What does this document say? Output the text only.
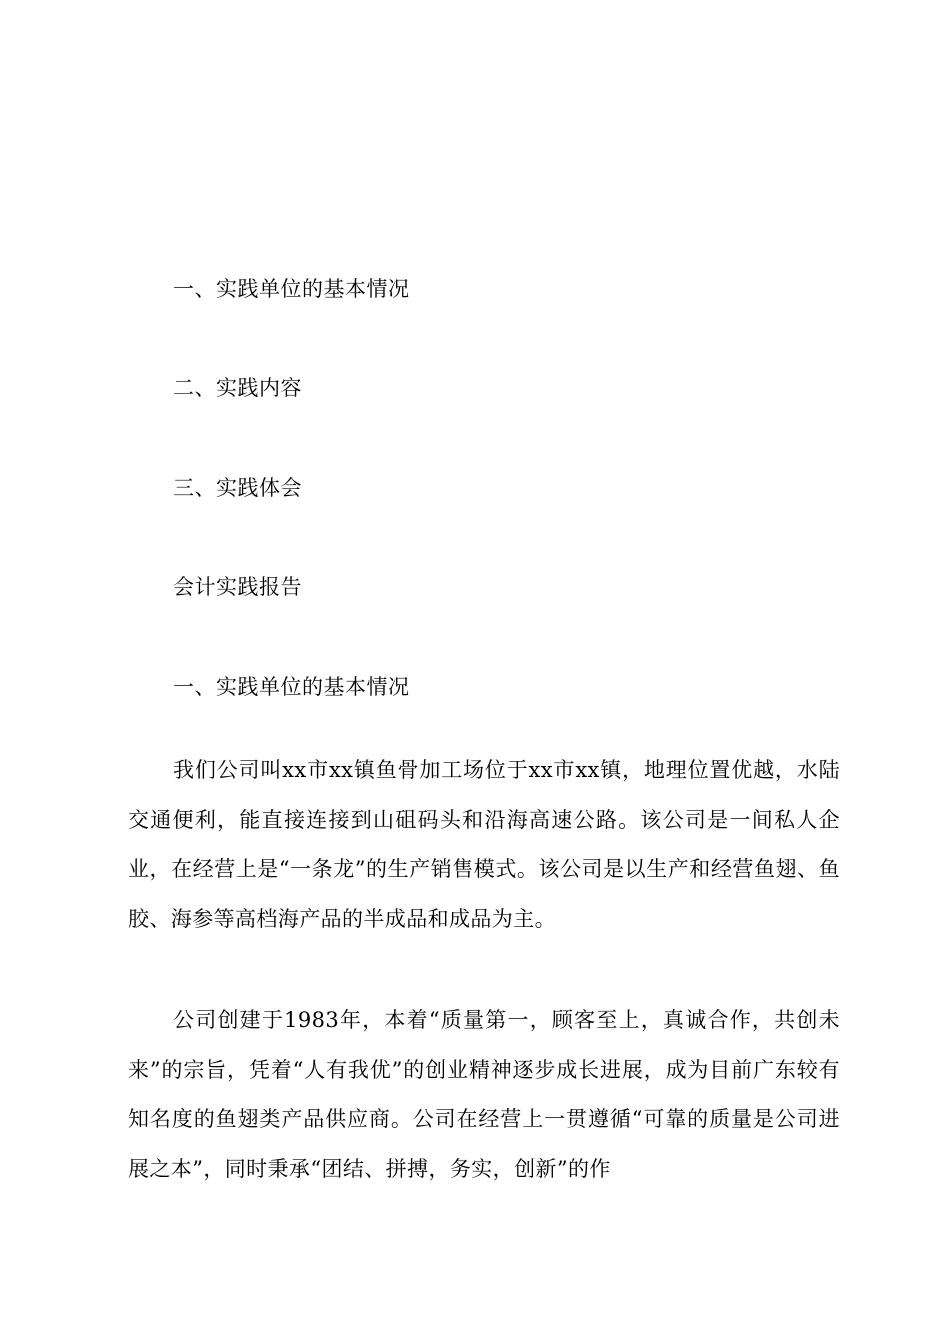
一、实践单位的基本情况
二、实践内容
三、实践体会
会计实践报告
一、实践单位的基本情况

我们公司叫xx市xx镇鱼骨加工场位于xx市xx镇，地理位置优越，水陆交通便利，能直接连接到山砠码头和沿海高速公路。该公司是一间私人企业，在经营上是“一条龙”的生产销售模式。该公司是以生产和经营鱼翅、鱼胶、海参等高档海产品的半成品和成品为主。

公司创建于1983年，本着“质量第一，顾客至上，真诚合作，共创未来”的宗旨，凭着“人有我优”的创业精神逐步成长进展，成为目前广东较有知名度的鱼翅类产品供应商。公司在经营上一贯遵循“可靠的质量是公司进展之本”，同时秉承“团结、拼搏，务实，创新”的作
